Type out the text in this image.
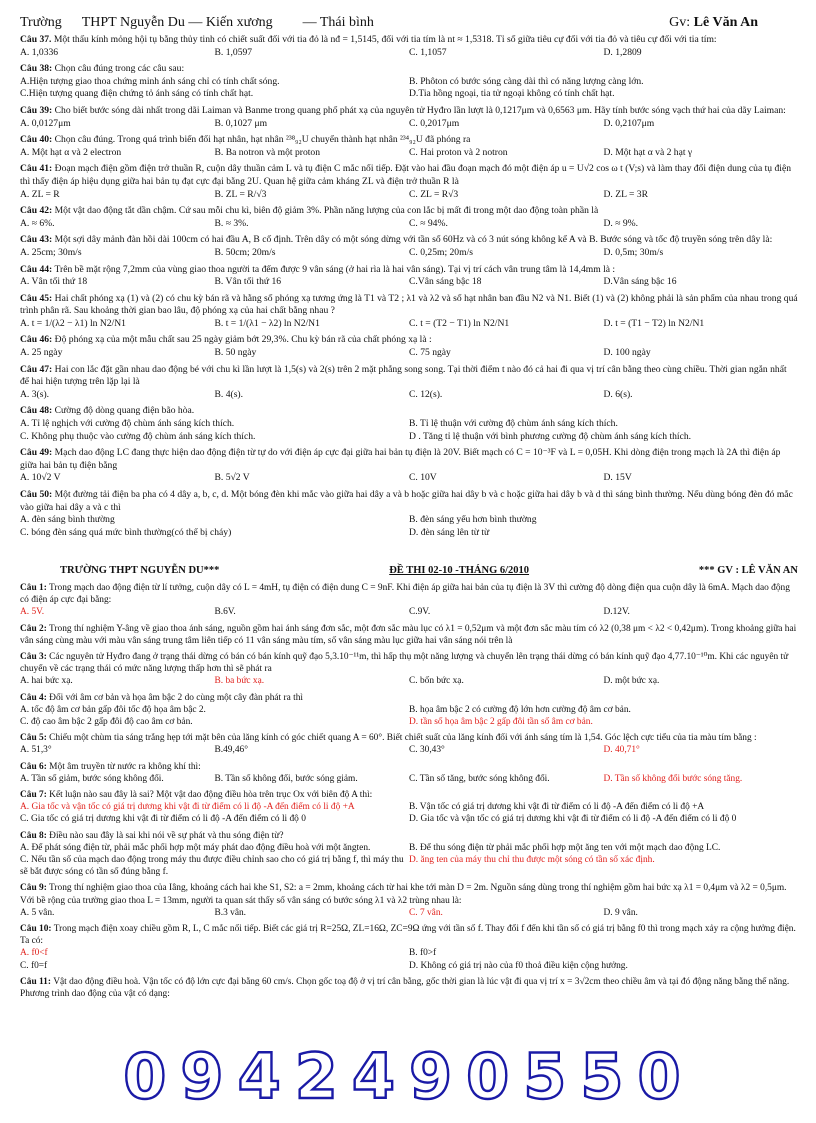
Trường THPT Nguyễn Du — Kiến xương — Thái bình	Gv: Lê Văn An

Câu 37. Một thấu kính mỏng hội tụ bằng thủy tinh có chiết suất đối với tia đỏ là nđ = 1,5145, đối với tia tím là nt ≈ 1,5318. Tỉ số giữa tiêu cự đối với tia đỏ và tiêu cự đối với tia tím:

A. 1,0336	B. 1,0597	C. 1,1057	D. 1,2809

Câu 38: Chọn câu đúng trong các câu sau:

A.Hiện tượng giao thoa chứng minh ánh sáng chỉ có tính chất sóng.	B. Phôton có bước sóng càng dài thì có năng lượng càng lớn.
C.Hiện tượng quang điện chứng tỏ ánh sáng có tính chất hạt.	D.Tia hồng ngoại, tia tử ngoại không có tính chất hạt.

Câu 39: Cho biết bước sóng dài nhất trong dãi Laiman và Banme trong quang phổ phát xạ của nguyên tử Hyđro lần lượt là 0,1217μm và 0,6563 μm. Hãy tính bước sóng vạch thứ hai của dãy Laiman:

A. 0,0127μm	B. 0,1027 μm	C. 0,2017μm	D. 0,2107μm

Câu 40: Chọn câu đúng. Trong quá trình biến đổi hạt nhân, hạt nhân ²³⁸₉₂U chuyển thành hạt nhân ²³⁴₉₂U đã phóng ra

A. Một hạt α và 2 electron	B. Ba notron và một proton	C. Hai proton và 2 notron	D. Một hạt α và 2 hạt γ

Câu 41: Đoạn mạch điện gồm điện trở thuần R, cuộn dây thuần cảm L và tụ điện C mắc nối tiếp. Đặt vào hai đầu đoạn mạch đó một điện áp u = U√2 cos ω t (V;s) và làm thay đổi điện dung của tụ điện thì thấy điện áp hiệu dụng giữa hai bản tụ đạt cực đại bằng 2U. Quan hệ giữa cảm kháng ZL và điện trở thuần R là

A. ZL = R	B. ZL = R/√3	C. ZL = R√3	D. ZL = 3R

Câu 42: Một vật dao động tắt dần chậm. Cứ sau mỗi chu kì, biên độ giảm 3%. Phần năng lượng của con lắc bị mất đi trong một dao động toàn phần là

A. ≈ 6%.	B. ≈ 3%.	C. ≈ 94%.	D. ≈ 9%.

Câu 43: Một sợi dây mảnh đàn hồi dài 100cm có hai đầu A, B cố định. Trên dây có một sóng dừng với tần số 60Hz và có 3 nút sóng không kể A và B. Bước sóng và tốc độ truyền sóng trên dây là:

A. 25cm; 30m/s	B. 50cm; 20m/s	C. 0,25m; 20m/s	D. 0,5m; 30m/s

Câu 44: Trên bề mặt rộng 7,2mm của vùng giao thoa người ta đếm được 9 vân sáng (ở hai rìa là hai vân sáng). Tại vị trí cách vân trung tâm là 14,4mm là :

A. Vân tối thứ 18	B. Vân tối thứ 16	C.Vân sáng bậc 18	D.Vân sáng bậc 16

Câu 45: Hai chất phóng xạ (1) và (2) có chu kỳ bán rã và hằng số phóng xạ tương ứng là T1 và T2 ; λ1 và λ2 và số hạt nhân ban đầu N2 và N1. Biết (1) và (2) không phải là sản phẩm của nhau trong quá trình phân rã. Sau khoảng thời gian bao lâu, độ phóng xạ của hai chất bằng nhau ?

A. t = 1/(λ2 − λ1) ln N2/N1	B. t = 1/(λ1 − λ2) ln N2/N1	C. t = (T2 − T1) ln N2/N1	D. t = (T1 − T2) ln N2/N1

Câu 46: Độ phóng xạ của một mẫu chất sau 25 ngày giảm bớt 29,3%. Chu kỳ bán rã của chất phóng xạ là :

A. 25 ngày	B. 50 ngày	C. 75 ngày	D. 100 ngày

Câu 47: Hai con lắc đặt gần nhau dao động bé với chu kì lần lượt là 1,5(s) và 2(s) trên 2 mặt phẳng song song. Tại thời điểm t nào đó cả hai đi qua vị trí cân bằng theo cùng chiều. Thời gian ngắn nhất để hai hiện tượng trên lặp lại là

A. 3(s).	B. 4(s).	C. 12(s).	D. 6(s).

Câu 48: Cường độ dòng quang điện bão hòa.

A. Tỉ lệ nghịch với cường độ chùm ánh sáng kích thích.	B. Tỉ lệ thuận với cường độ chùm ánh sáng kích thích.
C. Không phụ thuộc vào cường độ chùm ánh sáng kích thích.	D . Tăng tỉ lệ thuận với bình phương cường độ chùm ánh sáng kích thích.

Câu 49: Mạch dao động LC đang thực hiện dao động điện từ tự do với điện áp cực đại giữa hai bản tụ điện là 20V. Biết mạch có C = 10⁻³F và L = 0,05H. Khi dòng điện trong mạch là 2A thì điện áp giữa hai bản tụ điện bằng

A. 10√2 V	B. 5√2 V	C. 10V	D. 15V

Câu 50: Một đường tải điện ba pha có 4 dây a, b, c, d. Một bóng đèn khi mắc vào giữa hai dây a và b hoặc giữa hai dây b và c hoặc giữa hai dây b và d thì sáng bình thường. Nếu dùng bóng đèn đó mắc vào giữa hai dây a và c thì

A. đèn sáng bình thường	B. đèn sáng yếu hơn bình thường
C. bóng đèn sáng quá mức bình thường(có thể bị cháy)	D. đèn sáng lên từ từ
TRƯỜNG THPT NGUYỄN DU***	ĐỀ THI 02-10 -THÁNG 6/2010	*** GV : LÊ VĂN AN

Câu 1: Trong mạch dao động điện từ lí tưởng, cuộn dây có L = 4mH, tụ điện có điện dung C = 9nF. Khi điện áp giữa hai bản của tụ điện là 3V thì cường độ dòng điện qua cuộn dây là 6mA. Mạch dao động có điện áp cực đại bằng:

A. 5V.	B.6V.	C.9V.	D.12V.

Câu 2: Trong thí nghiệm Y-âng về giao thoa ánh sáng, nguồn gồm hai ánh sáng đơn sắc, một đơn sắc màu lục có λ1 = 0,52μm và một đơn sắc màu tím có λ2 (0,38 μm < λ2 < 0,42μm). Trong khoảng giữa hai vân sáng cùng màu với màu vân sáng trung tâm liên tiếp có 11 vân sáng màu tím, số vân sáng màu lục giữa hai vân sáng nói trên là

Câu 3: Các nguyên tử Hyđro đang ở trạng thái dừng có bán có bán kính quỹ đạo 5,3.10⁻¹¹m, thì hấp thụ một năng lượng và chuyển lên trạng thái dừng có bán kính quỹ đạo 4,77.10⁻¹⁰m. Khi các nguyên tử chuyển về các trạng thái có mức năng lượng thấp hơn thì sẽ phát ra

A. hai bức xạ.	B. ba bức xạ.	C. bốn bức xạ.	D. một bức xạ.

Câu 4: Đối với âm cơ bản và họa âm bậc 2 do cùng một cây đàn phát ra thì

A. tốc độ âm cơ bản gấp đôi tốc độ họa âm bậc 2.	B. họa âm bậc 2 có cường độ lớn hơn cường độ âm cơ bản.
C. độ cao âm bậc 2 gấp đôi độ cao âm cơ bản.	D. tần số họa âm bậc 2 gấp đôi tần số âm cơ bản.

Câu 5: Chiếu một chùm tia sáng trắng hẹp tới mặt bên của lăng kính có góc chiết quang A = 60°. Biết chiết suất của lăng kính đối với ánh sáng tím là 1,54. Góc lệch cực tiểu của tia màu tím bằng :

A. 51,3°	B.49,46°	C. 30,43°	D. 40,71°

Câu 6: Một âm truyền từ nước ra không khí thì:

A. Tần số giảm, bước sóng không đổi.	B. Tần số không đổi, bước sóng giảm.	C. Tần số tăng, bước sóng không đổi.	D. Tần số không đổi bước sóng tăng.

Câu 7: Kết luận nào sau đây là sai? Một vật dao động điều hòa trên trục Ox với biên độ A thì:

A. Gia tốc và vận tốc có giá trị dương khi vật đi từ điểm có li độ -A đến điểm có li độ +A	B. Vận tốc có giá trị dương khi vật đi từ điểm có li độ -A đến điểm có li độ +A
C. Gia tốc có giá trị dương khi vật đi từ điểm có li độ -A đến điểm có li độ 0	D. Gia tốc và vận tốc có giá trị dương khi vật đi từ điểm có li độ -A đến điểm có li độ 0

Câu 8: Điều nào sau đây là sai khi nói về sự phát và thu sóng điện từ?

A. Để phát sóng điện từ, phải mắc phối hợp một máy phát dao động điều hoà với một ăngten.	B. Để thu sóng điện từ phải mắc phối hợp một ăng ten với một mạch dao động LC.
C. Nếu tần số của mạch dao động trong máy thu được điều chỉnh sao cho có giá trị bằng f, thì máy thu sẽ bắt được sóng có tần số đúng bằng f.
D. ăng ten của máy thu chỉ thu được một sóng có tần số xác định.

Câu 9: Trong thí nghiệm giao thoa của Iâng, khoảng cách hai khe S1, S2: a = 2mm, khoảng cách từ hai khe tới màn D = 2m. Nguồn sáng dùng trong thí nghiệm gồm hai bức xạ λ1 = 0,4μm và λ2 = 0,5μm. Với bề rộng của trường giao thoa L = 13mm, người ta quan sát thấy số vân sáng có bước sóng λ1 và λ2 trùng nhau là:

A. 5 vân.	B.3 vân.	C. 7 vân.	D. 9 vân.

Câu 10: Trong mạch điện xoay chiều gồm R, L, C mắc nối tiếp. Biết các giá trị R=25Ω, ZL=16Ω, ZC=9Ω ứng với tần số f. Thay đổi f đến khi tần số có giá trị bằng f0 thì trong mạch xảy ra cộng hưởng điện. Ta có:

A. f0<f	B. f0>f
C. f0=f	D. Không có giá trị nào của f0 thoả điều kiện cộng hưởng.

Câu 11: Vật dao động điều hoà. Vận tốc có độ lớn cực đại bằng 60 cm/s. Chọn gốc toạ độ ở vị trí cân bằng, gốc thời gian là lúc vật đi qua vị trí x = 3√2cm theo chiều âm và tại đó động năng bằng thế năng. Phương trình dao động của vật có dạng:

0942490550
